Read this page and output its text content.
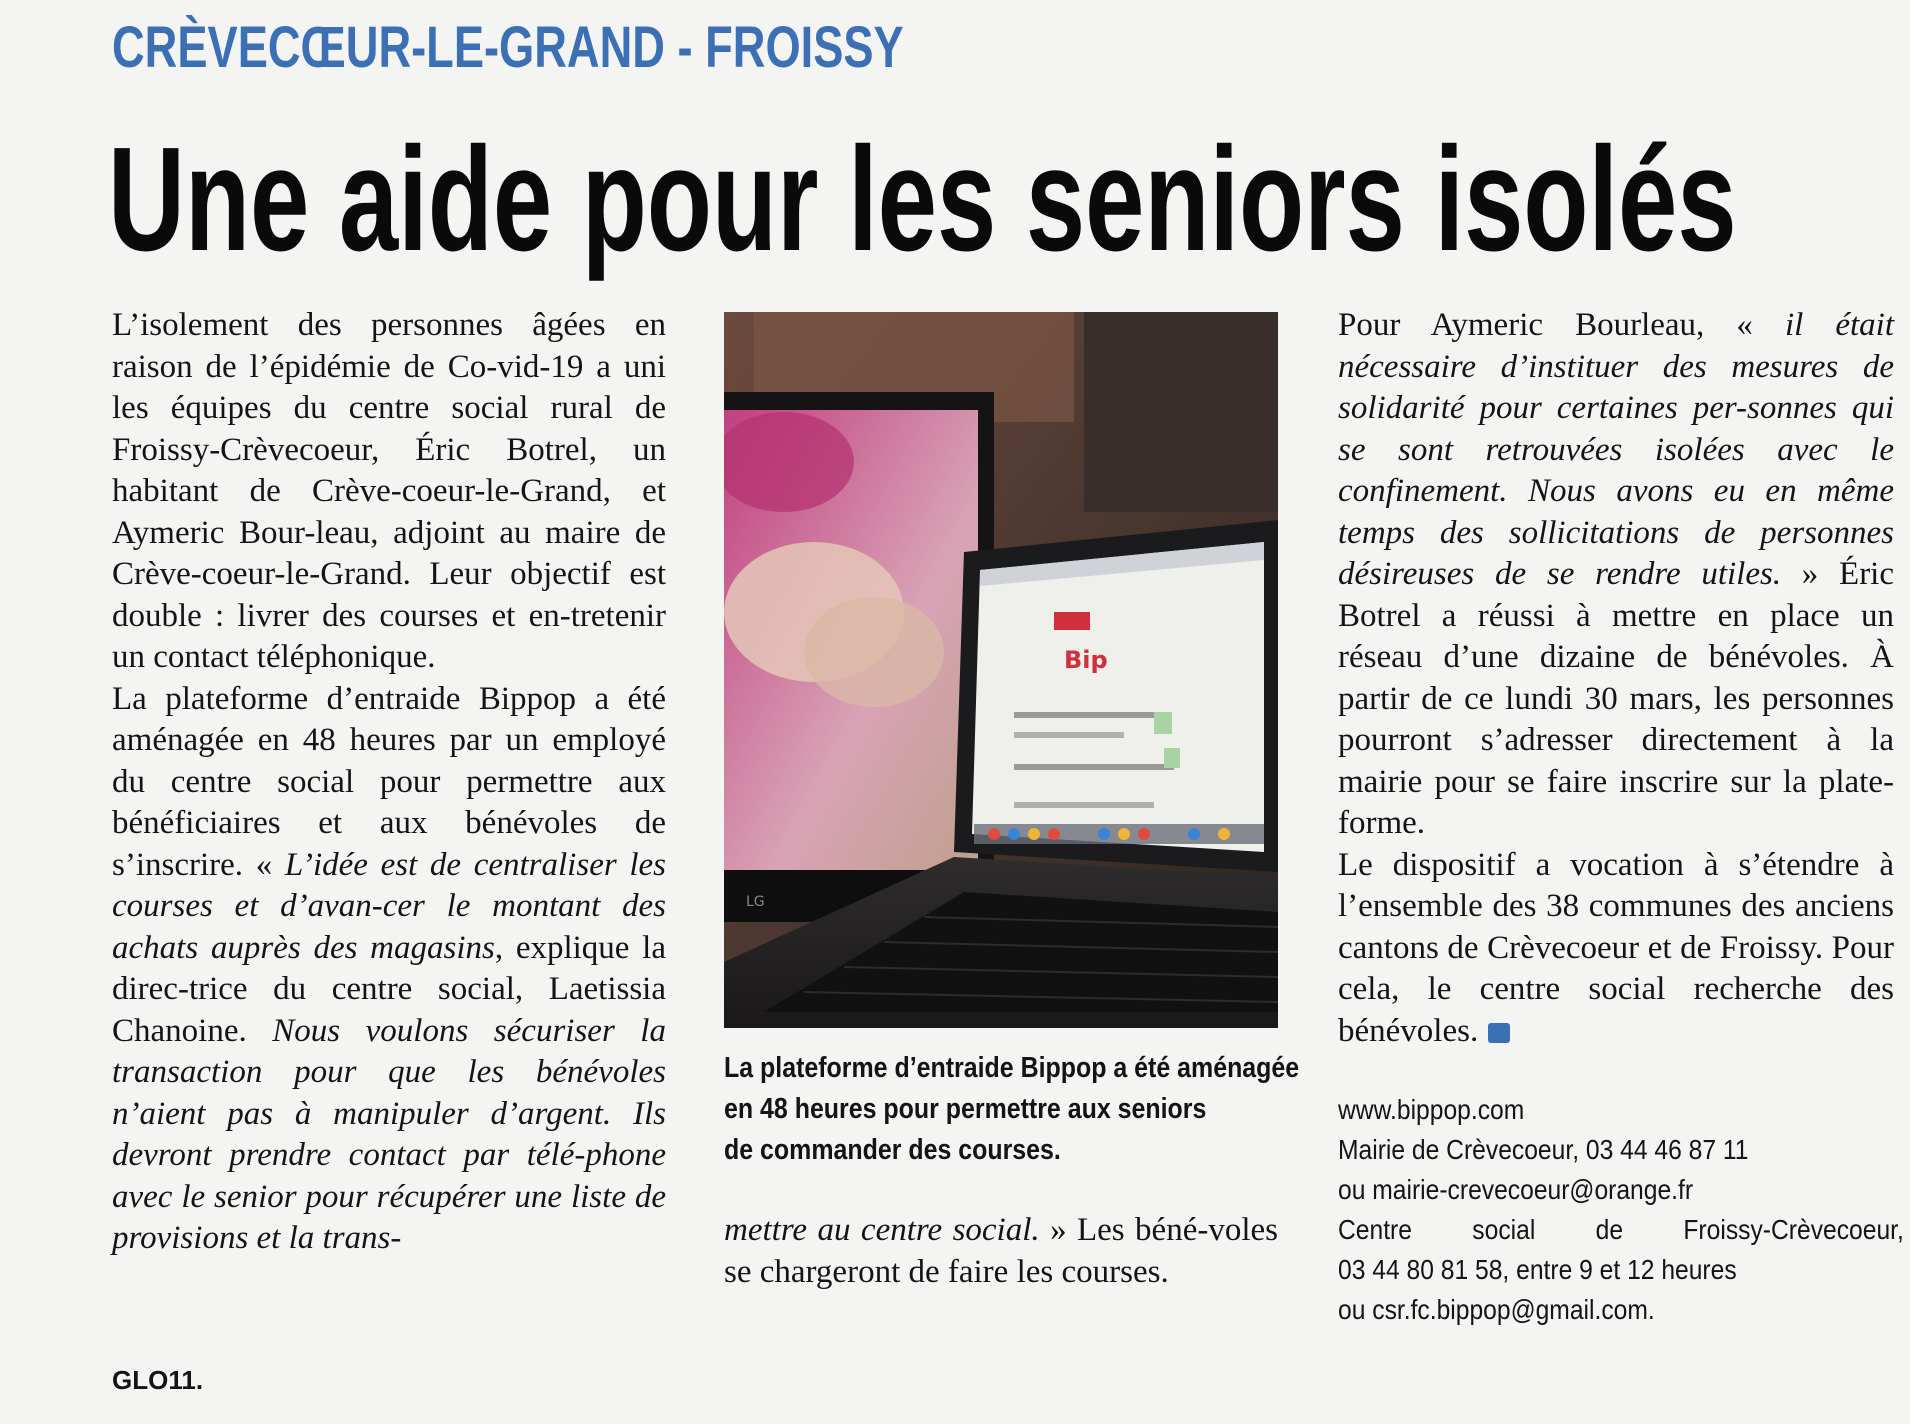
CRÈVECŒUR-LE-GRAND - FROISSY
Une aide pour les seniors isolés

L’isolement des personnes âgées en raison de l’épidémie de Co-vid-19 a uni les équipes du centre social rural de Froissy-Crèvecoeur, Éric Botrel, un habitant de Crève-coeur-le-Grand, et Aymeric Bour-leau, adjoint au maire de Crève-coeur-le-Grand. Leur objectif est double : livrer des courses et en-tretenir un contact téléphonique.

La plateforme d’entraide Bippop a été aménagée en 48 heures par un employé du centre social pour permettre aux bénéficiaires et aux bénévoles de s’inscrire. « L’idée est de centraliser les courses et d’avan-cer le montant des achats auprès des magasins, explique la direc-trice du centre social, Laetissia Chanoine. Nous voulons sécuriser la transaction pour que les bénévoles n’aient pas à manipuler d’argent. Ils devront prendre contact par télé-phone avec le senior pour récupérer une liste de provisions et la trans-

LG
Bip
La plateforme d’entraide Bippop a été aménagée
en 48 heures pour permettre aux seniors
de commander des courses.

mettre au centre social. » Les béné-voles se chargeront de faire les courses.

Pour Aymeric Bourleau, « il était nécessaire d’instituer des mesures de solidarité pour certaines per-sonnes qui se sont retrouvées isolées avec le confinement. Nous avons eu en même temps des sollicitations de personnes désireuses de se rendre utiles. » Éric Botrel a réussi à mettre en place un réseau d’une dizaine de bénévoles. À partir de ce lundi 30 mars, les personnes pourront s’adresser directement à la mairie pour se faire inscrire sur la plate-forme.

Le dispositif a vocation à s’étendre à l’ensemble des 38 communes des anciens cantons de Crèvecoeur et de Froissy. Pour cela, le centre social recherche des bénévoles.

www.bippop.com
Mairie de Crèvecoeur, 03 44 46 87 11
ou mairie-crevecoeur@orange.fr
Centre social de Froissy-Crèvecoeur,
03 44 80 81 58, entre 9 et 12 heures
ou csr.fc.bippop@gmail.com.
GLO11.
